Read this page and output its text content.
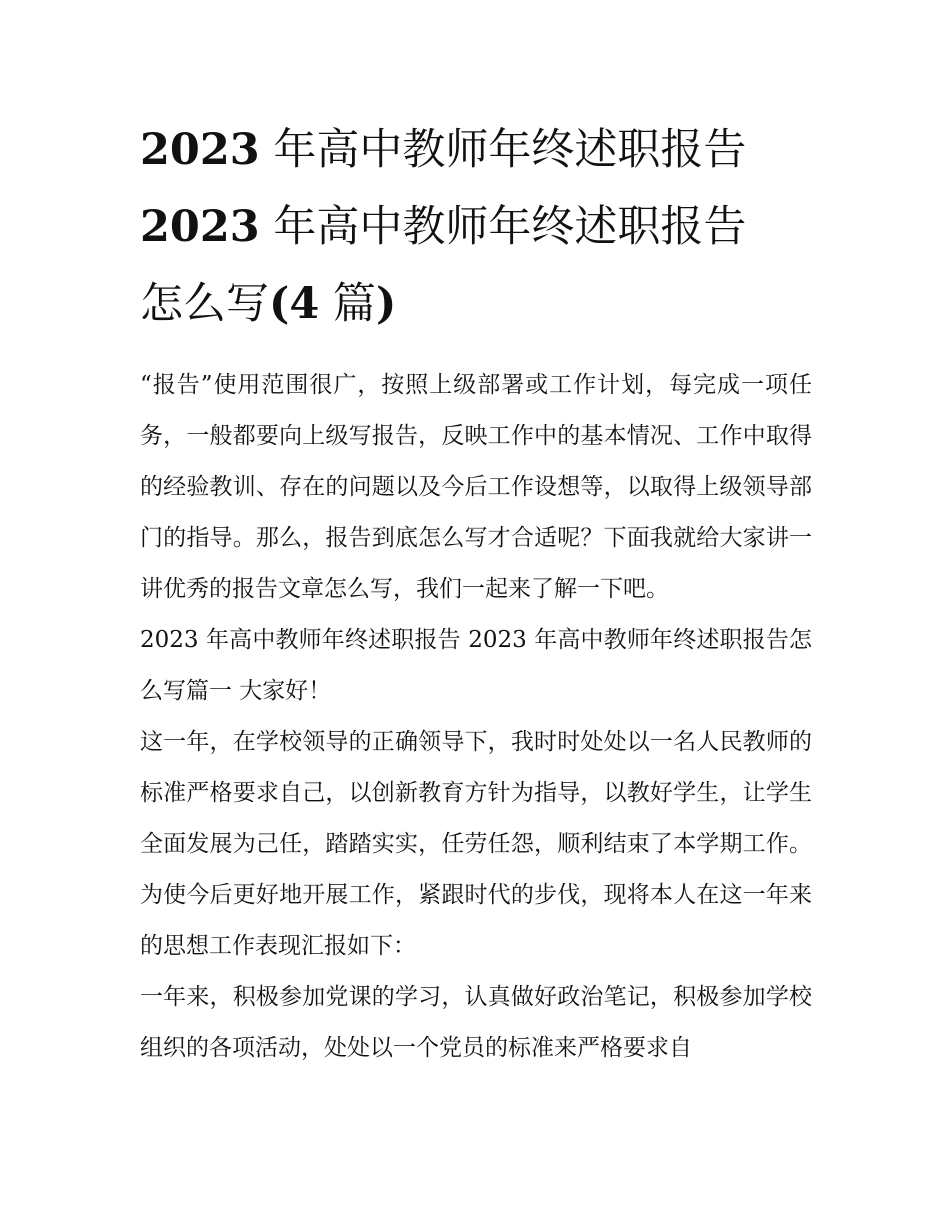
2023 年高中教师年终述职报告
2023 年高中教师年终述职报告
怎么写(4 篇)

“报告”使用范围很广，按照上级部署或工作计划，每完成一项任务，一般都要向上级写报告，反映工作中的基本情况、工作中取得的经验教训、存在的问题以及今后工作设想等，以取得上级领导部门的指导。那么，报告到底怎么写才合适呢？下面我就给大家讲一讲优秀的报告文章怎么写，我们一起来了解一下吧。

2023 年高中教师年终述职报告 2023 年高中教师年终述职报告怎么写篇一 大家好！

这一年，在学校领导的正确领导下，我时时处处以一名人民教师的标准严格要求自己，以创新教育方针为指导，以教好学生，让学生全面发展为己任，踏踏实实，任劳任怨，顺利结束了本学期工作。为使今后更好地开展工作，紧跟时代的步伐，现将本人在这一年来的思想工作表现汇报如下：

一年来，积极参加党课的学习，认真做好政治笔记，积极参加学校组织的各项活动，处处以一个党员的标准来严格要求自
